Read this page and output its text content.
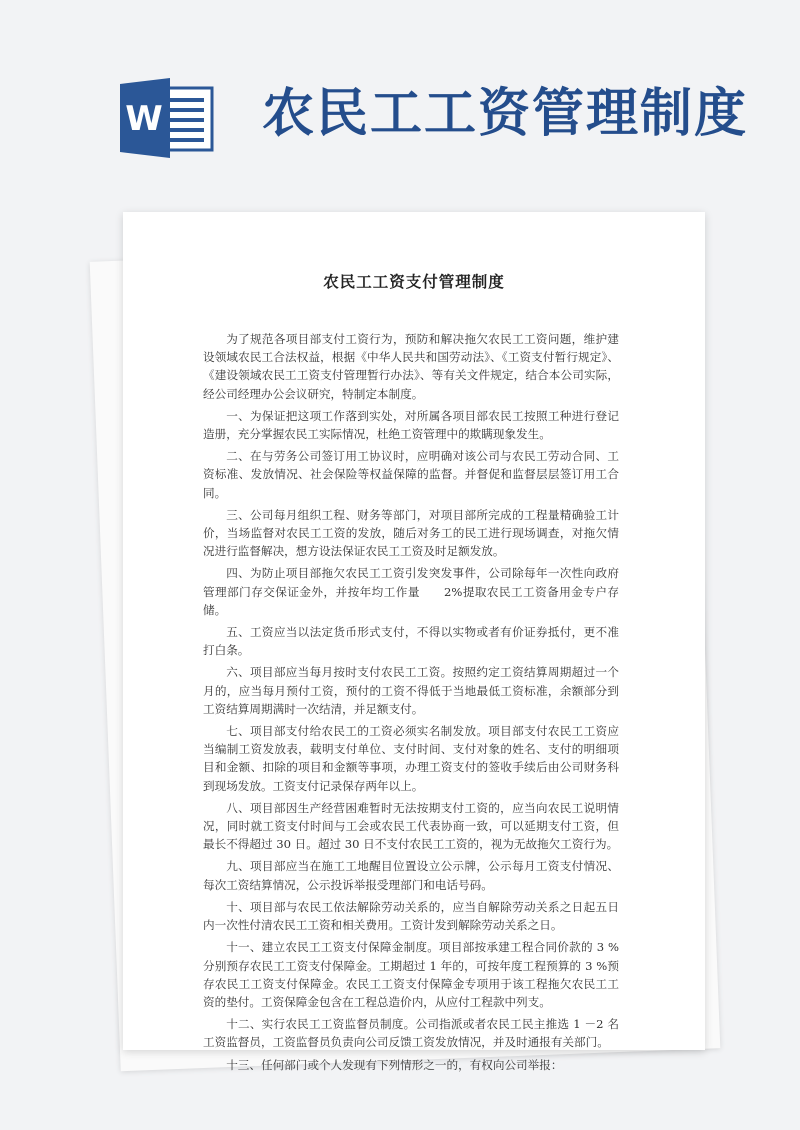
W 农民工工资管理制度
农民工工资支付管理制度

为了规范各项目部支付工资行为，预防和解决拖欠农民工工资问题，维护建设领域农民工合法权益，根据《中华人民共和国劳动法》、《工资支付暂行规定》、《建设领域农民工工资支付管理暂行办法》、等有关文件规定，结合本公司实际，经公司经理办公会议研究，特制定本制度。

一、为保证把这项工作落到实处，对所属各项目部农民工按照工种进行登记造册，充分掌握农民工实际情况，杜绝工资管理中的欺瞒现象发生。

二、在与劳务公司签订用工协议时，应明确对该公司与农民工劳动合同、工资标准、发放情况、社会保险等权益保障的监督。并督促和监督层层签订用工合同。

三、公司每月组织工程、财务等部门，对项目部所完成的工程量精确验工计价，当场监督对农民工工资的发放，随后对务工的民工进行现场调查，对拖欠情况进行监督解决，想方设法保证农民工工资及时足额发放。

四、为防止项目部拖欠农民工工资引发突发事件，公司除每年一次性向政府管理部门存交保证金外，并按年均工作量　　2%提取农民工工资备用金专户存储。

五、工资应当以法定货币形式支付，不得以实物或者有价证券抵付，更不准打白条。

六、项目部应当每月按时支付农民工工资。按照约定工资结算周期超过一个月的，应当每月预付工资，预付的工资不得低于当地最低工资标准，余额部分到工资结算周期满时一次结清，并足额支付。

七、项目部支付给农民工的工资必须实名制发放。项目部支付农民工工资应当编制工资发放表，载明支付单位、支付时间、支付对象的姓名、支付的明细项目和金额、扣除的项目和金额等事项，办理工资支付的签收手续后由公司财务科到现场发放。工资支付记录保存两年以上。

八、项目部因生产经营困难暂时无法按期支付工资的，应当向农民工说明情况，同时就工资支付时间与工会或农民工代表协商一致，可以延期支付工资，但最长不得超过 30 日。超过 30 日不支付农民工工资的，视为无故拖欠工资行为。

九、项目部应当在施工工地醒目位置设立公示牌，公示每月工资支付情况、每次工资结算情况，公示投诉举报受理部门和电话号码。

十、项目部与农民工依法解除劳动关系的，应当自解除劳动关系之日起五日内一次性付清农民工工资和相关费用。工资计发到解除劳动关系之日。

十一、建立农民工工资支付保障金制度。项目部按承建工程合同价款的 3 %分别预存农民工工资支付保障金。工期超过 1 年的，可按年度工程预算的 3 %预存农民工工资支付保障金。农民工工资支付保障金专项用于该工程拖欠农民工工资的垫付。工资保障金包含在工程总造价内，从应付工程款中列支。

十二、实行农民工工资监督员制度。公司指派或者农民工民主推选 1 －2 名工资监督员，工资监督员负责向公司反馈工资发放情况，并及时通报有关部门。

十三、任何部门或个人发现有下列情形之一的，有权向公司举报：
